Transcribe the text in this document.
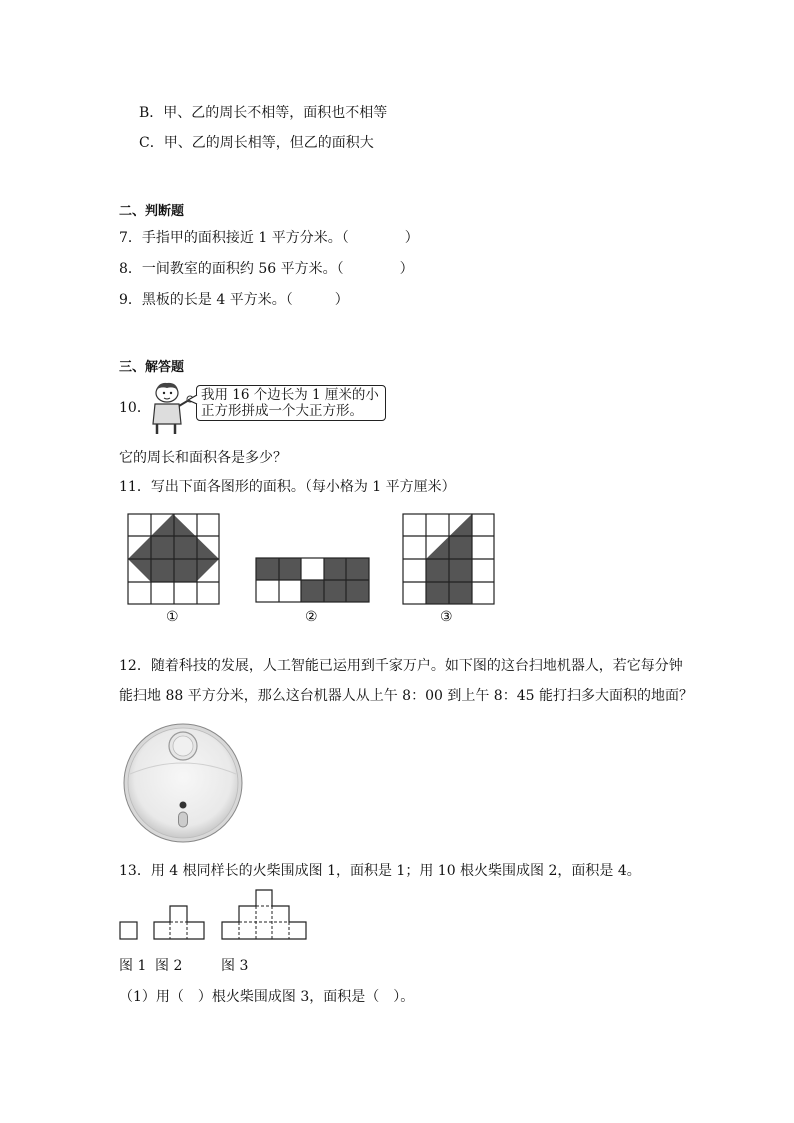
B．甲、乙的周长不相等，面积也不相等
C．甲、乙的周长相等，但乙的面积大
二、判断题
7．手指甲的面积接近 1 平方分米。（　　　　）
8．一间教室的面积约 56 平方米。（　　　　）
9．黑板的长是 4 平方米。（　　　）
三、解答题
10．
我用 16 个边长为 1 厘米的小
正方形拼成一个大正方形。
它的周长和面积各是多少？
11．写出下面各图形的面积。（每小格为 1 平方厘米）
①	②	③
12．随着科技的发展，人工智能已运用到千家万户。如下图的这台扫地机器人，若它每分钟
能扫地 88 平方分米，那么这台机器人从上午 8：00 到上午 8：45 能打扫多大面积的地面？
13．用 4 根同样长的火柴围成图 1，面积是 1；用 10 根火柴围成图 2，面积是 4。
图 1 图 2	图 3
（1）用（　）根火柴围成图 3，面积是（　）。
